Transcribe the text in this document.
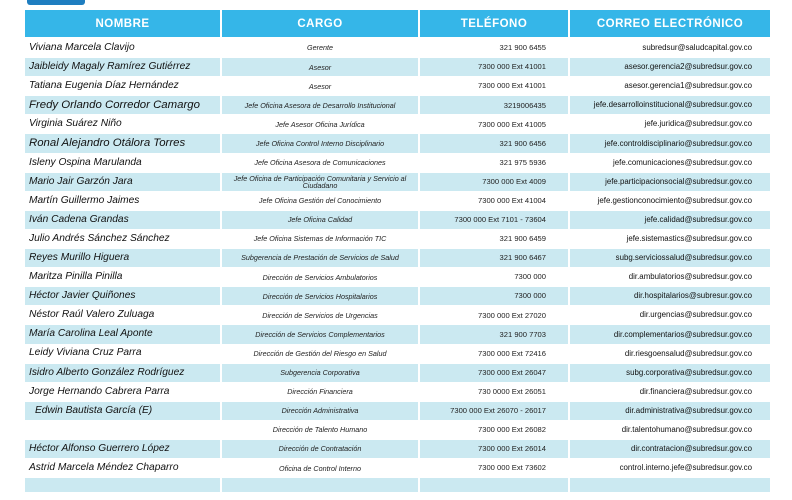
NOMBRE	CARGO	TELÉFONO	CORREO ELECTRÓNICO
Viviana Marcela Clavijo	Gerente	321 900 6455	subredsur@saludcapital.gov.co
Jaibleidy Magaly Ramírez Gutiérrez	Asesor	7300 000 Ext 41001	asesor.gerencia2@subredsur.gov.co
Tatiana Eugenia Díaz Hernández	Asesor	7300 000 Ext 41001	asesor.gerencia1@subredsur.gov.co
Fredy Orlando Corredor Camargo	Jefe Oficina Asesora de Desarrollo Institucional	3219006435	jefe.desarrolloinstitucional@subredsur.gov.co
Virginia Suárez Niño	Jefe Asesor Oficina Jurídica	7300 000 Ext 41005	jefe.juridica@subredsur.gov.co
Ronal Alejandro Otálora Torres	Jefe Oficina Control Interno Disciplinario	321 900 6456	jefe.controldisciplinario@subredsur.gov.co
Isleny Ospina Marulanda	Jefe Oficina Asesora de Comunicaciones	321 975 5936	jefe.comunicaciones@subredsur.gov.co
Mario Jair Garzón Jara	Jefe Oficina de Participación Comunitaria y Servicio al Ciudadano	7300 000 Ext 4009	jefe.participacionsocial@subredsur.gov.co
Martín Guillermo Jaimes	Jefe Oficina Gestión del Conocimiento	7300 000 Ext 41004	jefe.gestionconocimiento@subredsur.gov.co
Iván Cadena Grandas	Jefe Oficina Calidad	7300 000 Ext 7101 - 73604	jefe.calidad@subredsur.gov.co
Julio Andrés Sánchez Sánchez	Jefe Oficina Sistemas de Información TIC	321 900 6459	jefe.sistemastics@subredsur.gov.co
Reyes Murillo Higuera	Subgerencia de Prestación de Servicios de Salud	321 900 6467	subg.serviciossalud@subredsur.gov.co
Maritza Pinilla Pinilla	Dirección de Servicios Ambulatorios	7300 000	dir.ambulatorios@subredsur.gov.co
Héctor Javier Quiñones	Dirección de Servicios Hospitalarios	7300 000	dir.hospitalarios@subresur.gov.co
Néstor Raúl Valero Zuluaga	Dirección de Servicios de Urgencias	7300 000 Ext 27020	dir.urgencias@subredsur.gov.co
María Carolina Leal Aponte	Dirección de Servicios Complementarios	321 900 7703	dir.complementarios@subredsur.gov.co
Leidy Viviana Cruz Parra	Dirección de Gestión del Riesgo en Salud	7300 000 Ext 72416	dir.riesgoensalud@subredsur.gov.co
Isidro Alberto González Rodríguez	Subgerencia Corporativa	7300 000 Ext 26047	subg.corporativa@subredsur.gov.co
Jorge Hernando Cabrera Parra	Dirección Financiera	730 0000 Ext 26051	dir.financiera@subredsur.gov.co
Edwin Bautista García (E)	Dirección Administrativa	7300 000 Ext 26070 - 26017	dir.administrativa@subredsur.gov.co
	Dirección de Talento Humano	7300 000 Ext 26082	dir.talentohumano@subredsur.gov.co
Héctor Alfonso Guerrero López	Dirección de Contratación	7300 000 Ext 26014	dir.contratacion@subredsur.gov.co
Astrid Marcela Méndez Chaparro	Oficina de Control Interno	7300 000 Ext 73602	control.interno.jefe@subredsur.gov.co
